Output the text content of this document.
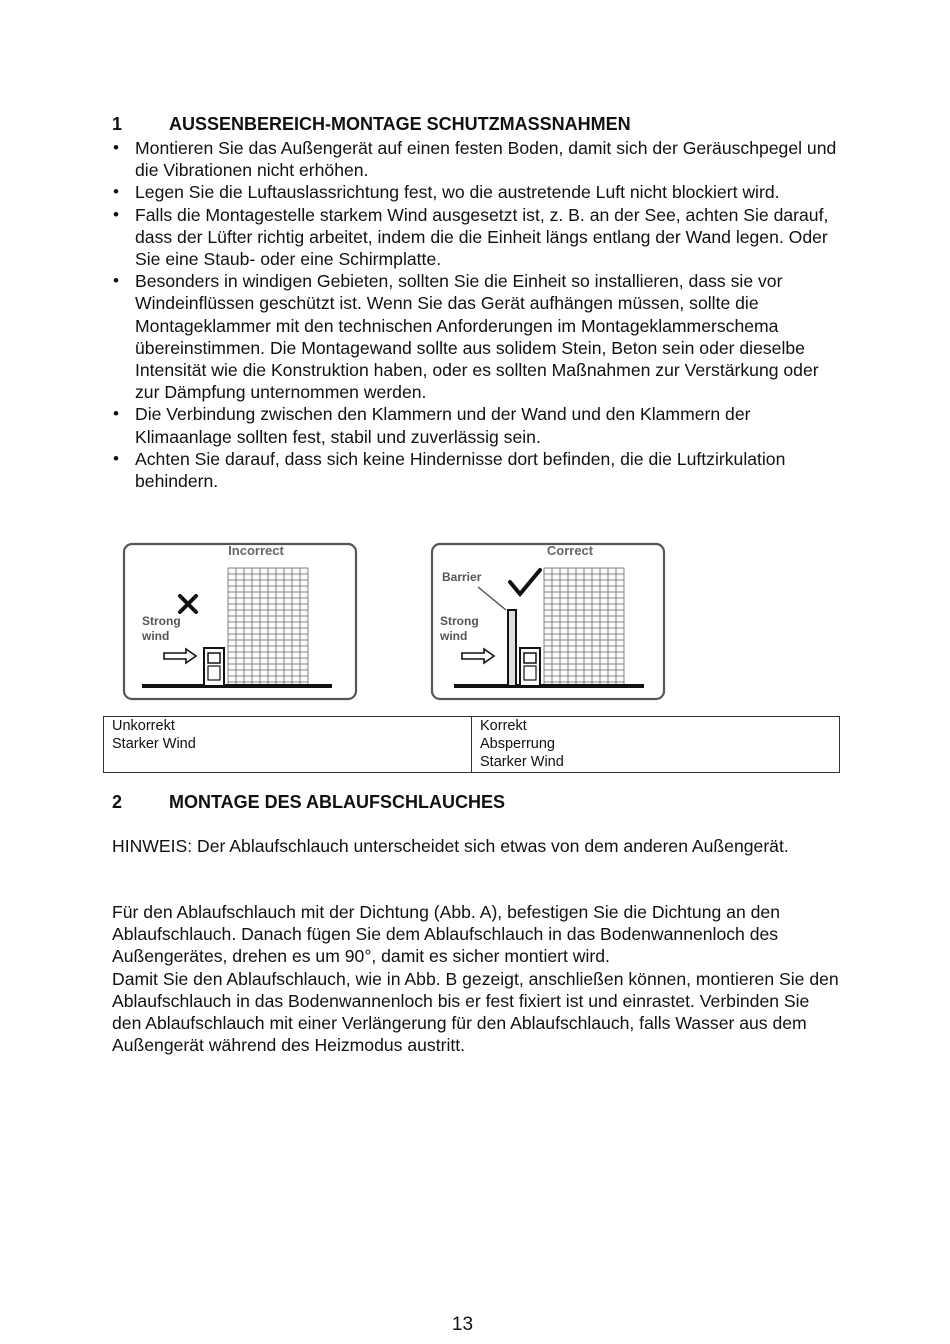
1	AUSSENBEREICH-MONTAGE SCHUTZMASSNAHMEN
• Montieren Sie das Außengerät auf einen festen Boden, damit sich der Geräuschpegel und die Vibrationen nicht erhöhen.
• Legen Sie die Luftauslassrichtung fest, wo die austretende Luft nicht blockiert wird.
• Falls die Montagestelle starkem Wind ausgesetzt ist, z. B. an der See, achten Sie darauf, dass der Lüfter richtig arbeitet, indem die die Einheit längs entlang der Wand legen. Oder Sie eine Staub- oder eine Schirmplatte.
• Besonders in windigen Gebieten, sollten Sie die Einheit so installieren, dass sie vor Windeinflüssen geschützt ist. Wenn Sie das Gerät aufhängen müssen, sollte die Montageklammer mit den technischen Anforderungen im Montageklammerschema übereinstimmen. Die Montagewand sollte aus solidem Stein, Beton sein oder dieselbe Intensität wie die Konstruktion haben, oder es sollten Maßnahmen zur Verstärkung oder zur Dämpfung unternommen werden.
• Die Verbindung zwischen den Klammern und der Wand und den Klammern der Klimaanlage sollten fest, stabil und zuverlässig sein.
• Achten Sie darauf, dass sich keine Hindernisse dort befinden, die die Luftzirkulation behindern.
Incorrect
Strong
wind
Correct
Barrier
Strong
wind
Unkorrekt
Starker Wind

Korrekt
Absperrung
Starker Wind
2	MONTAGE DES ABLAUFSCHLAUCHES

HINWEIS: Der Ablaufschlauch unterscheidet sich etwas von dem anderen Außengerät.

Für den Ablaufschlauch mit der Dichtung (Abb. A), befestigen Sie die Dichtung an den Ablaufschlauch. Danach fügen Sie dem Ablaufschlauch in das Bodenwannenloch des Außengerätes, drehen es um 90°, damit es sicher montiert wird.
Damit Sie den Ablaufschlauch, wie in Abb. B gezeigt, anschließen können, montieren Sie den Ablaufschlauch in das Bodenwannenloch bis er fest fixiert ist und einrastet. Verbinden Sie den Ablaufschlauch mit einer Verlängerung für den Ablaufschlauch, falls Wasser aus dem Außengerät während des Heizmodus austritt.

13
